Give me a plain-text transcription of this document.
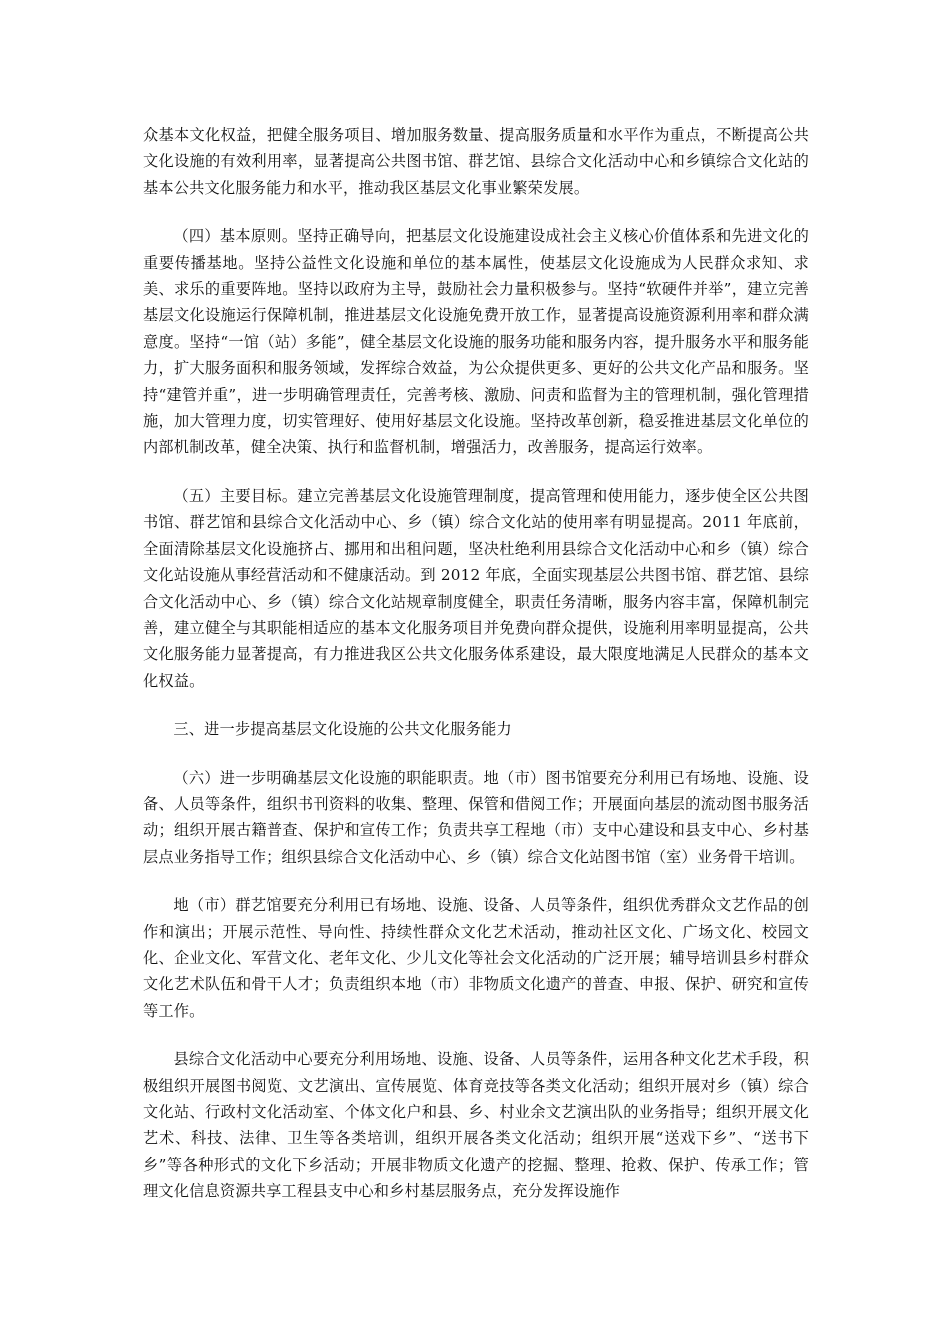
众基本文化权益，把健全服务项目、增加服务数量、提高服务质量和水平作为重点，不断提高公共文化设施的有效利用率，显著提高公共图书馆、群艺馆、县综合文化活动中心和乡镇综合文化站的基本公共文化服务能力和水平，推动我区基层文化事业繁荣发展。

（四）基本原则。坚持正确导向，把基层文化设施建设成社会主义核心价值体系和先进文化的重要传播基地。坚持公益性文化设施和单位的基本属性，使基层文化设施成为人民群众求知、求美、求乐的重要阵地。坚持以政府为主导，鼓励社会力量积极参与。坚持“软硬件并举”，建立完善基层文化设施运行保障机制，推进基层文化设施免费开放工作，显著提高设施资源利用率和群众满意度。坚持“一馆（站）多能”，健全基层文化设施的服务功能和服务内容，提升服务水平和服务能力，扩大服务面积和服务领域，发挥综合效益，为公众提供更多、更好的公共文化产品和服务。坚持“建管并重”，进一步明确管理责任，完善考核、激励、问责和监督为主的管理机制，强化管理措施，加大管理力度，切实管理好、使用好基层文化设施。坚持改革创新，稳妥推进基层文化单位的内部机制改革，健全决策、执行和监督机制，增强活力，改善服务，提高运行效率。

（五）主要目标。建立完善基层文化设施管理制度，提高管理和使用能力，逐步使全区公共图书馆、群艺馆和县综合文化活动中心、乡（镇）综合文化站的使用率有明显提高。2011 年底前，全面清除基层文化设施挤占、挪用和出租问题，坚决杜绝利用县综合文化活动中心和乡（镇）综合文化站设施从事经营活动和不健康活动。到 2012 年底，全面实现基层公共图书馆、群艺馆、县综合文化活动中心、乡（镇）综合文化站规章制度健全，职责任务清晰，服务内容丰富，保障机制完善，建立健全与其职能相适应的基本文化服务项目并免费向群众提供，设施利用率明显提高，公共文化服务能力显著提高，有力推进我区公共文化服务体系建设，最大限度地满足人民群众的基本文化权益。

三、进一步提高基层文化设施的公共文化服务能力

（六）进一步明确基层文化设施的职能职责。地（市）图书馆要充分利用已有场地、设施、设备、人员等条件，组织书刊资料的收集、整理、保管和借阅工作；开展面向基层的流动图书服务活动；组织开展古籍普查、保护和宣传工作；负责共享工程地（市）支中心建设和县支中心、乡村基层点业务指导工作；组织县综合文化活动中心、乡（镇）综合文化站图书馆（室）业务骨干培训。

地（市）群艺馆要充分利用已有场地、设施、设备、人员等条件，组织优秀群众文艺作品的创作和演出；开展示范性、导向性、持续性群众文化艺术活动，推动社区文化、广场文化、校园文化、企业文化、军营文化、老年文化、少儿文化等社会文化活动的广泛开展；辅导培训县乡村群众文化艺术队伍和骨干人才；负责组织本地（市）非物质文化遗产的普查、申报、保护、研究和宣传等工作。

县综合文化活动中心要充分利用场地、设施、设备、人员等条件，运用各种文化艺术手段，积极组织开展图书阅览、文艺演出、宣传展览、体育竞技等各类文化活动；组织开展对乡（镇）综合文化站、行政村文化活动室、个体文化户和县、乡、村业余文艺演出队的业务指导；组织开展文化艺术、科技、法律、卫生等各类培训，组织开展各类文化活动；组织开展“送戏下乡”、“送书下乡”等各种形式的文化下乡活动；开展非物质文化遗产的挖掘、整理、抢救、保护、传承工作；管理文化信息资源共享工程县支中心和乡村基层服务点，充分发挥设施作
